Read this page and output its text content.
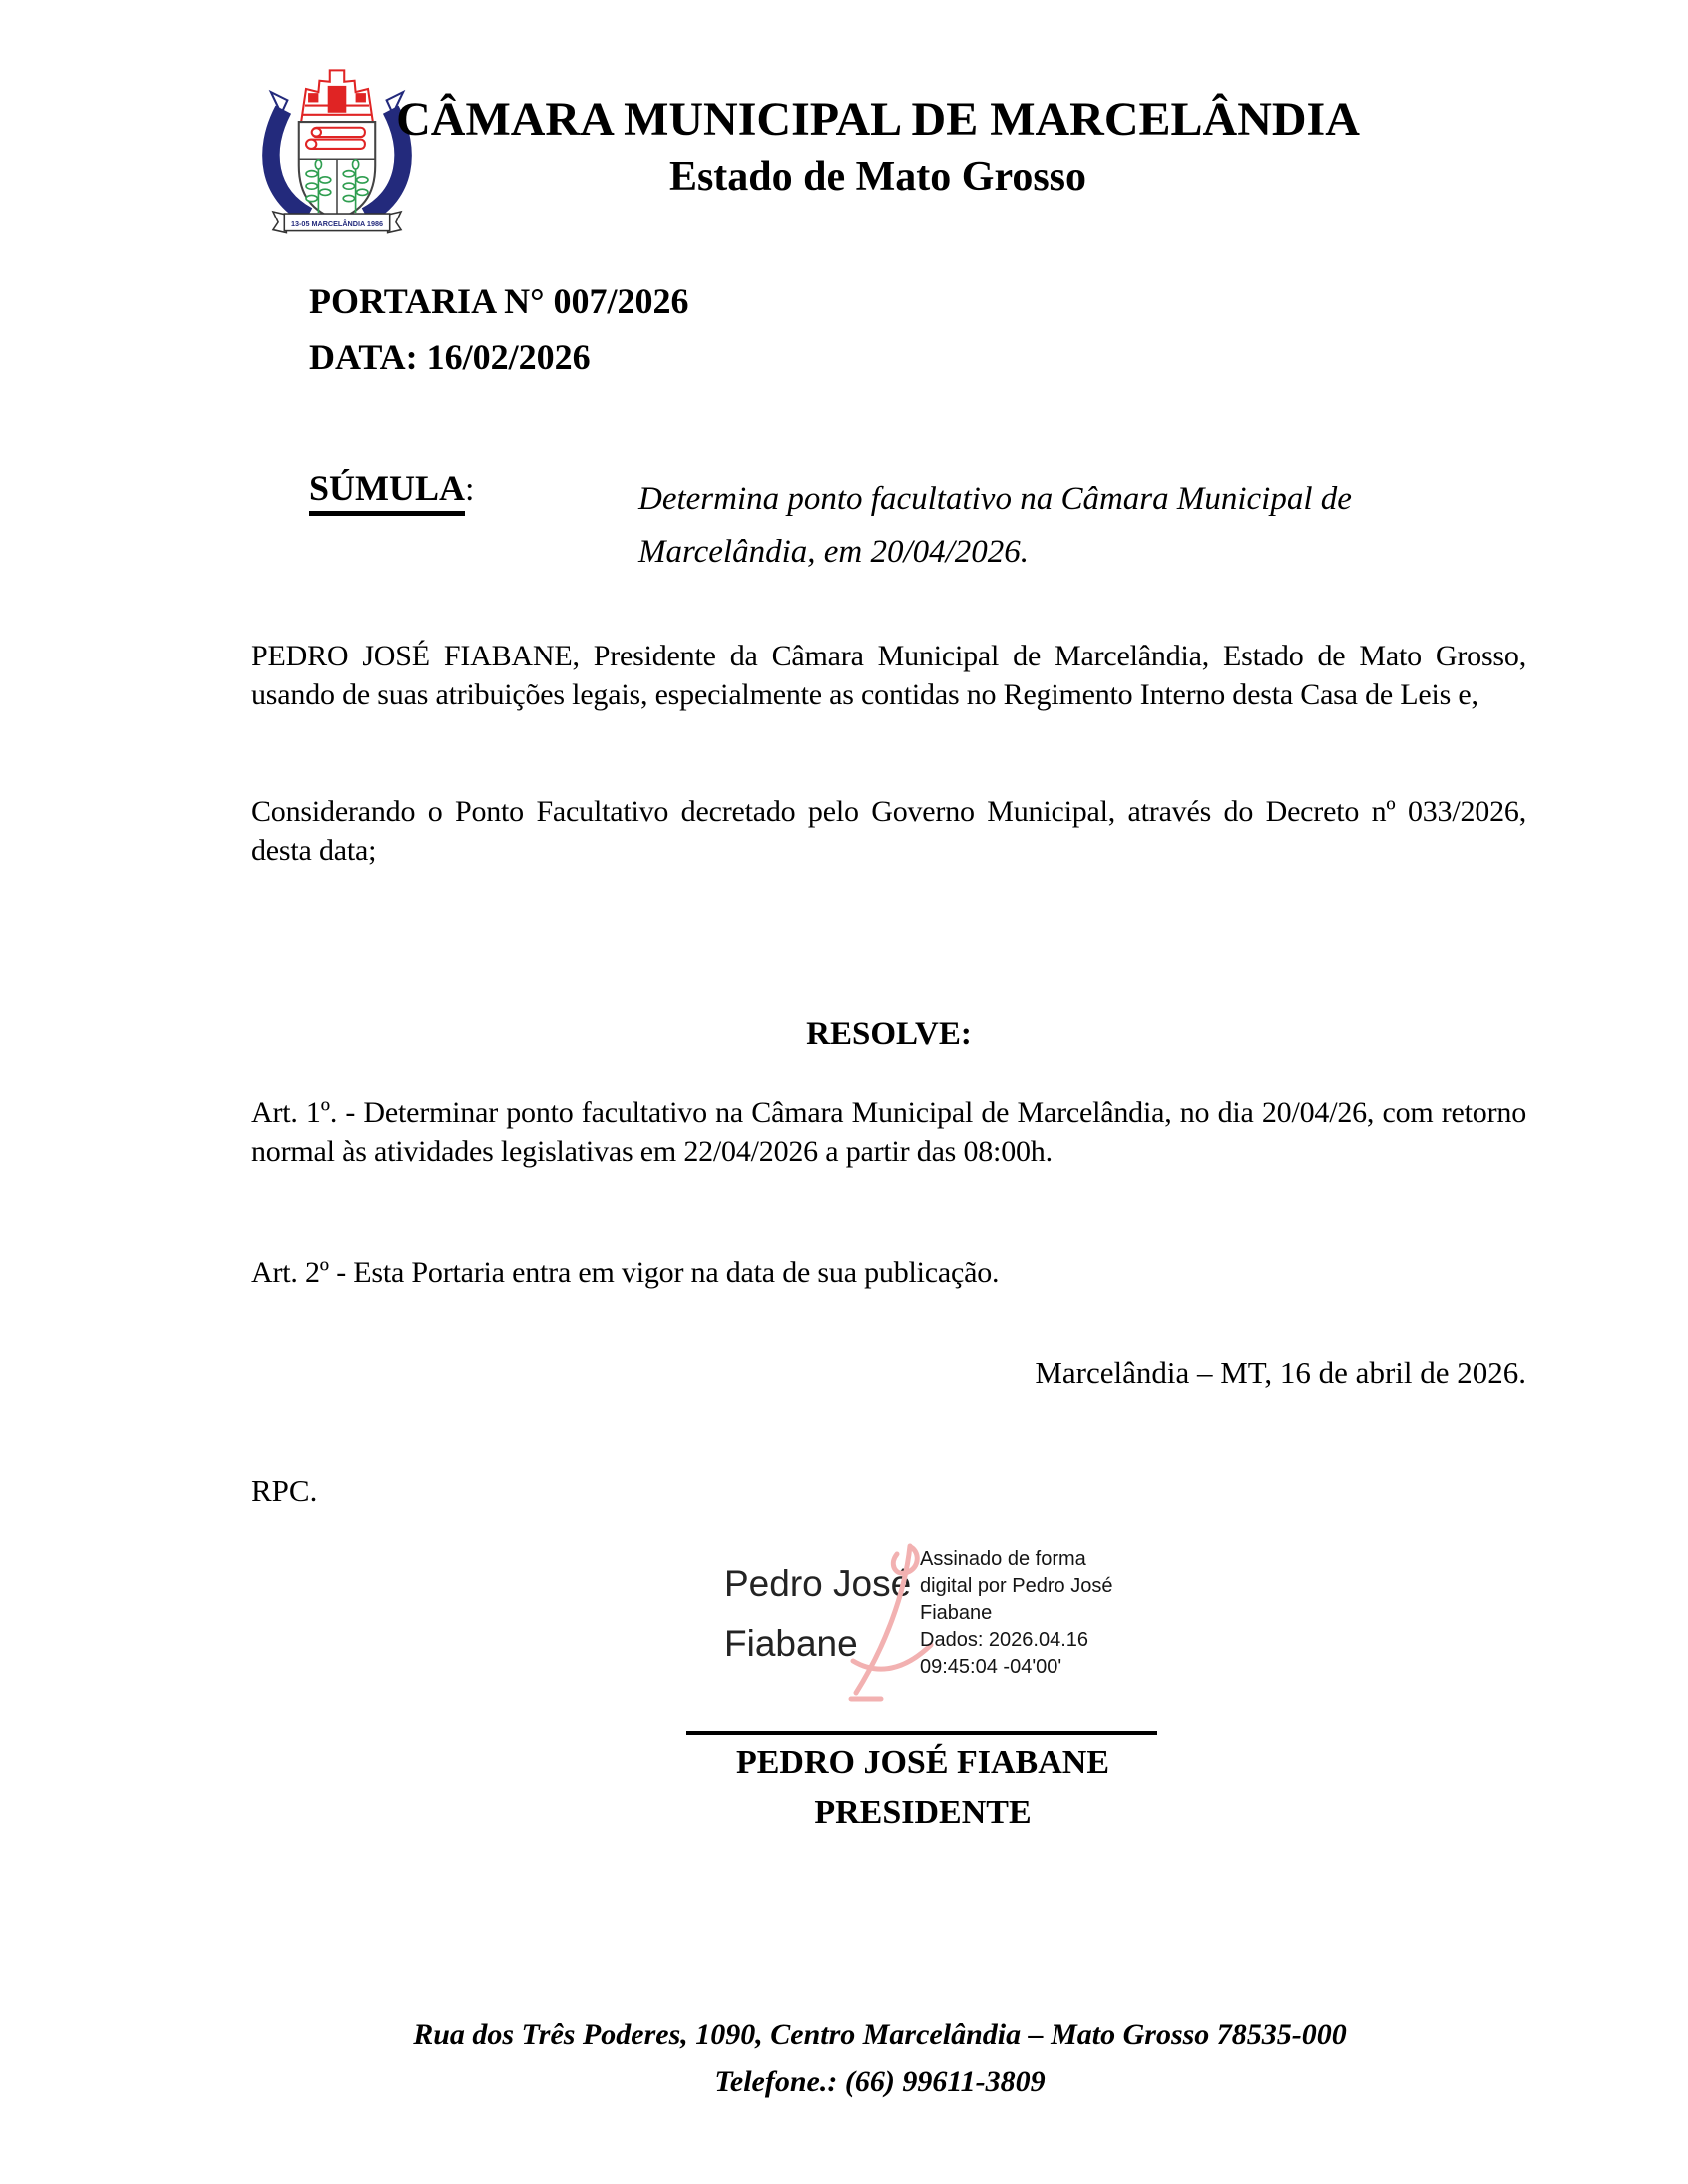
13-05 MARCELÂNDIA 1986
CÂMARA MUNICIPAL DE MARCELÂNDIA
Estado de Mato Grosso
PORTARIA N° 007/2026
DATA: 16/02/2026
SÚMULA:	Determina ponto facultativo na Câmara Municipal de Marcelândia, em 20/04/2026.
PEDRO JOSÉ FIABANE, Presidente da Câmara Municipal de Marcelândia, Estado de Mato Grosso, usando de suas atribuições legais, especialmente as contidas no Regimento Interno desta Casa de Leis e,
Considerando o Ponto Facultativo decretado pelo Governo Municipal, através do Decreto nº 033/2026, desta data;
RESOLVE:
Art. 1º. - Determinar ponto facultativo na Câmara Municipal de Marcelândia, no dia 20/04/26, com retorno normal às atividades legislativas em 22/04/2026 a partir das 08:00h.
Art. 2º - Esta Portaria entra em vigor na data de sua publicação.
Marcelândia – MT, 16 de abril de 2026.
RPC.
Pedro José Fiabane
Assinado de forma digital por Pedro José Fiabane
Dados: 2026.04.16 09:45:04 -04'00'
PEDRO JOSÉ FIABANE
PRESIDENTE
Rua dos Três Poderes, 1090, Centro Marcelândia – Mato Grosso 78535-000
Telefone.: (66) 99611-3809
